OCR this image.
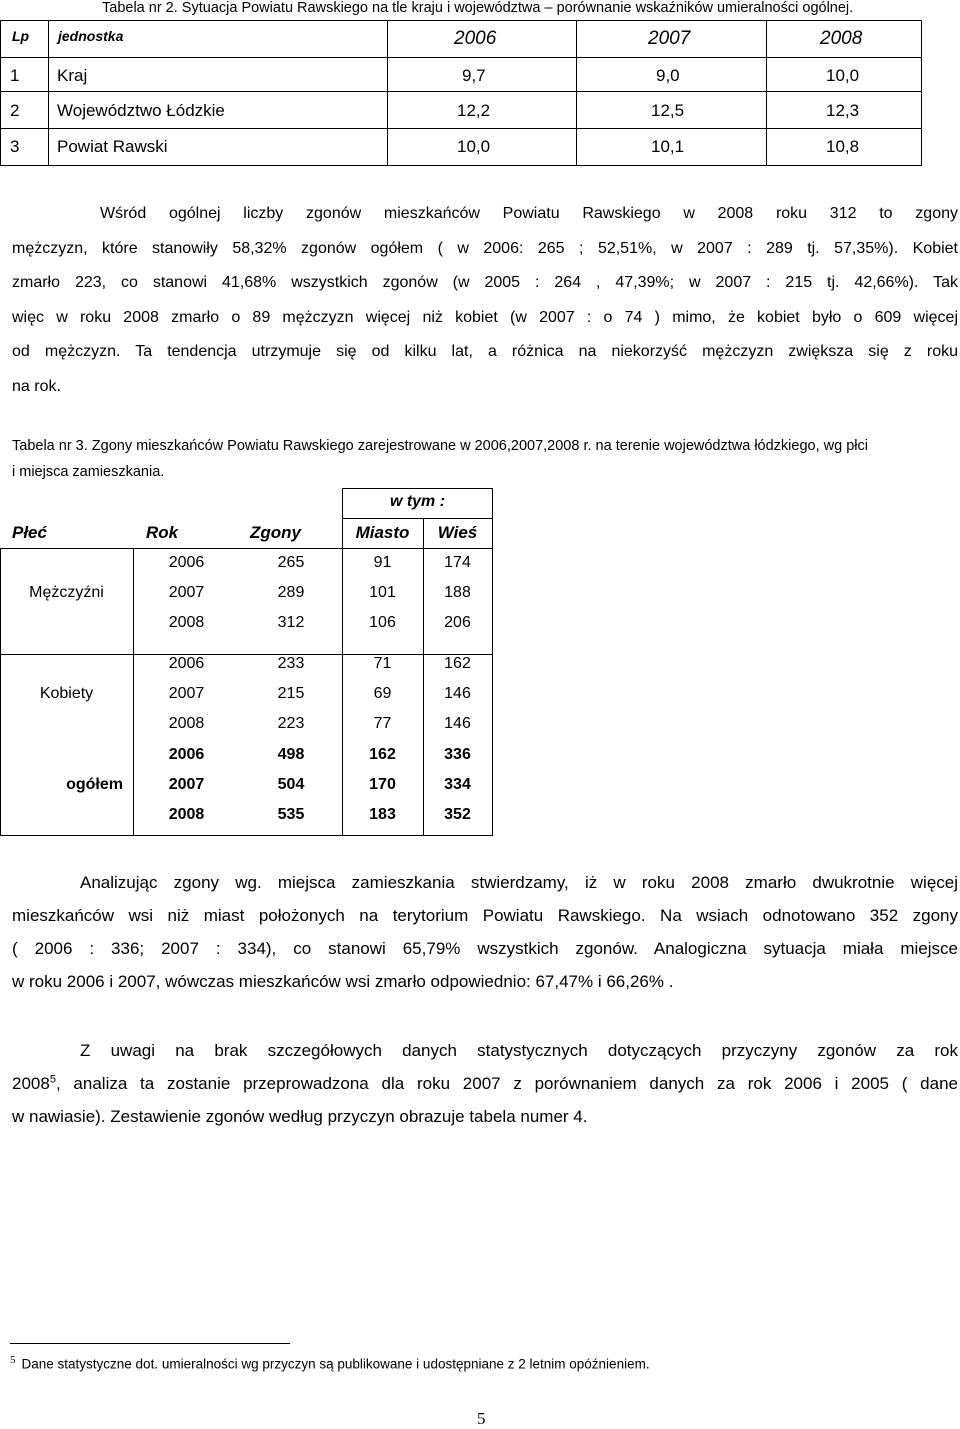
Tabela nr 2. Sytuacja Powiatu Rawskiego na tle kraju i województwa – porównanie wskaźników umieralności ogólnej.
Lp jednostka	2006	2007	2008
1 Kraj	9,7	9,0	10,0
2 Województwo Łódzkie	12,2	12,5	12,3
3 Powiat Rawski	10,0	10,1	10,8
Wśród ogólnej liczby zgonów mieszkańców Powiatu Rawskiego w 2008 roku 312 to zgony
mężczyzn, które stanowiły 58,32% zgonów ogółem ( w 2006: 265 ; 52,51%, w 2007 : 289 tj. 57,35%). Kobiet
zmarło 223, co stanowi 41,68% wszystkich zgonów (w 2005 : 264 , 47,39%; w 2007 : 215 tj. 42,66%). Tak
więc w roku 2008 zmarło o 89 mężczyzn więcej niż kobiet (w 2007 : o 74 ) mimo, że kobiet było o 609 więcej
od mężczyzn. Ta tendencja utrzymuje się od kilku lat, a różnica na niekorzyść mężczyzn zwiększa się z roku
na rok.
Tabela nr 3. Zgony mieszkańców Powiatu Rawskiego zarejestrowane w 2006,2007,2008 r. na terenie województwa łódzkiego, wg płci
i miejsca zamieszkania.
w tym :
Płeć	Rok	Zgony	Miasto	Wieś
Mężczyźni
2006	265	91	174
2007	289	101	188
2008	312	106	206
Kobiety
2006	233	71	162
2007	215	69	146
2008	223	77	146
ogółem
2006	498	162	336
2007	504	170	334
2008	535	183	352
Analizując zgony wg. miejsca zamieszkania stwierdzamy, iż w roku 2008 zmarło dwukrotnie więcej
mieszkańców wsi niż miast położonych na terytorium Powiatu Rawskiego. Na wsiach odnotowano 352 zgony
( 2006 : 336; 2007 : 334), co stanowi 65,79% wszystkich zgonów. Analogiczna sytuacja miała miejsce
w roku 2006 i 2007, wówczas mieszkańców wsi zmarło odpowiednio: 67,47% i 66,26% .
Z uwagi na brak szczegółowych danych statystycznych dotyczących przyczyny zgonów za rok
2008$^5$, analiza ta zostanie przeprowadzona dla roku 2007 z porównaniem danych za rok 2006 i 2005 ( dane
w nawiasie). Zestawienie zgonów według przyczyn obrazuje tabela numer 4.
$^5$ Dane statystyczne dot. umieralności wg przyczyn są publikowane i udostępniane z 2 letnim opóźnieniem.
5
